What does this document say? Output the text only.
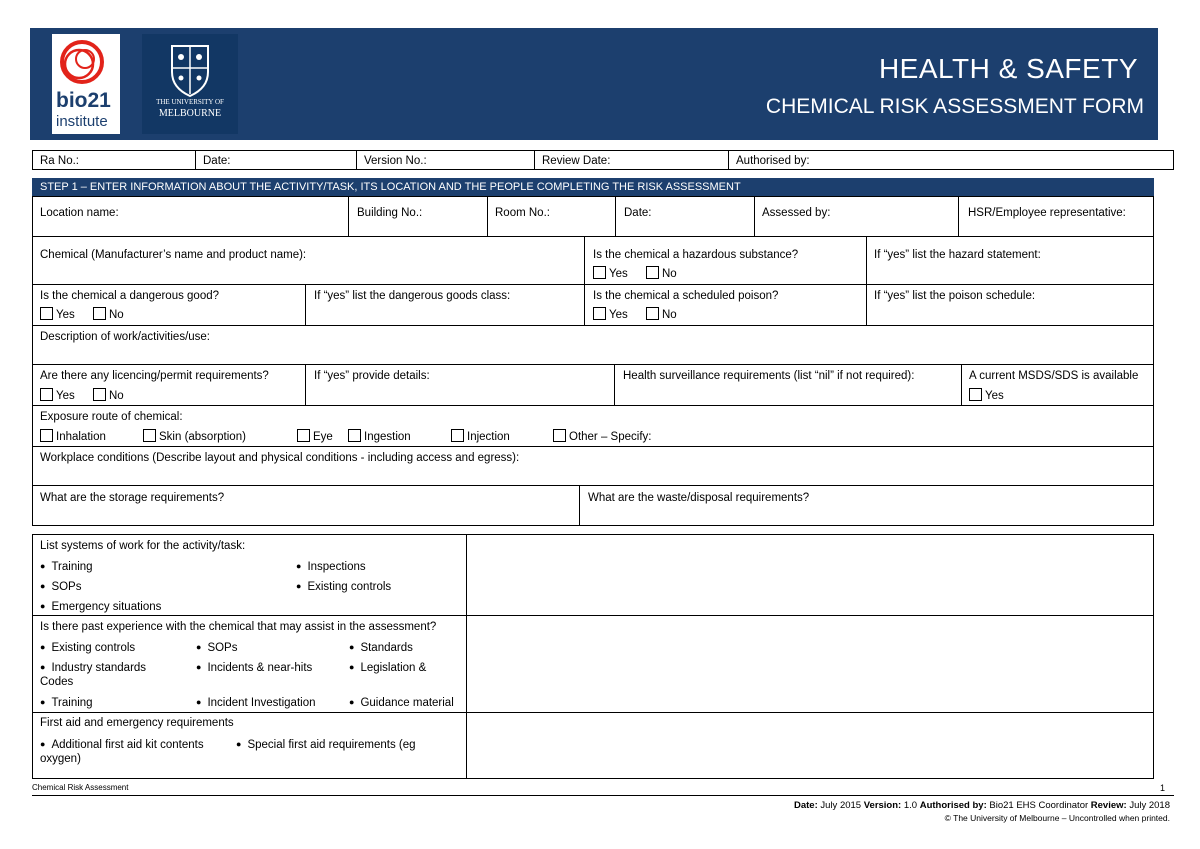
bio21
institute
THE UNIVERSITY OF
MELBOURNE
HEALTH & SAFETY
CHEMICAL RISK ASSESSMENT FORM
Ra No.:	Date:	Version No.:	Review Date:	Authorised by:
STEP 1 – ENTER INFORMATION ABOUT THE ACTIVITY/TASK, ITS LOCATION AND THE PEOPLE COMPLETING THE RISK ASSESSMENT
Location name:	Building No.:	Room No.:	Date:	Assessed by:	HSR/Employee representative:
Chemical (Manufacturer’s name and product name):	Is the chemical a hazardous substance?
Yes	No
If “yes” list the hazard statement:
Is the chemical a dangerous good?
Yes	No
If “yes” list the dangerous goods class:	Is the chemical a scheduled poison?
Yes	No
If “yes” list the poison schedule:
Description of work/activities/use:
Are there any licencing/permit requirements?
Yes	No
If “yes” provide details:	Health surveillance requirements (list “nil” if not required):	A current MSDS/SDS is available
Yes
Exposure route of chemical:
Inhalation	Skin (absorption)	Eye	Ingestion	Injection	Other – Specify:
Workplace conditions (Describe layout and physical conditions - including access and egress):
What are the storage requirements?	What are the waste/disposal requirements?
List systems of work for the activity/task:
● Training	● Inspections
● SOPs	● Existing controls
● Emergency situations
Is there past experience with the chemical that may assist in the assessment?
● Existing controls	● SOPs	● Standards
● Industry standards	● Incidents & near-hits	● Legislation &
Codes
● Training	● Incident Investigation	● Guidance material
First aid and emergency requirements
● Additional first aid kit contents	● Special first aid requirements (eg
oxygen)
Chemical Risk Assessment	1
Date: July 2015 Version: 1.0 Authorised by: Bio21 EHS Coordinator Review: July 2018
© The University of Melbourne – Uncontrolled when printed.
